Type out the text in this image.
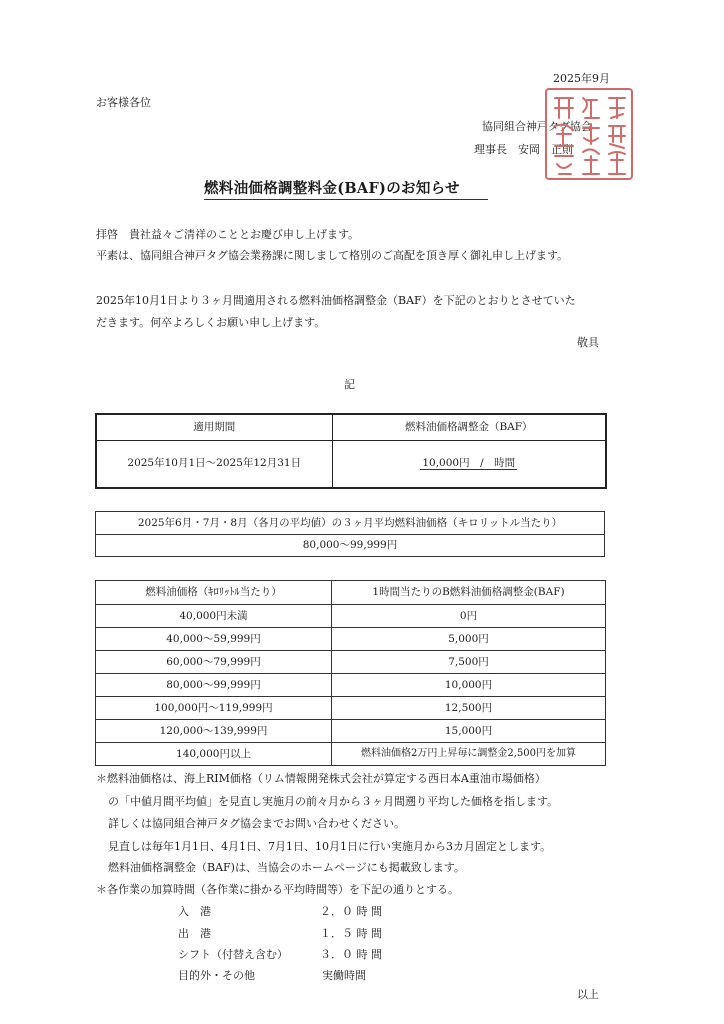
2025年9月
お客様各位
協同組合神戸タグ協会
理事長　安岡　正則
燃料油価格調整料金(BAF)のお知らせ
拝啓　貴社益々ご清祥のこととお慶び申し上げます。
平素は、協同組合神戸タグ協会業務課に関しまして格別のご高配を頂き厚く御礼申し上げます。
2025年10月1日より３ヶ月間適用される燃料油価格調整金（BAF）を下記のとおりとさせていた
だきます。何卒よろしくお願い申し上げます。
敬具
記
適用期間	燃料油価格調整金（BAF）
2025年10月1日～2025年12月31日	10,000円　/　時間
2025年6月・7月・8月（各月の平均値）の３ヶ月平均燃料油価格（キロリットル当たり）
80,000～99,999円
燃料油価格（ｷﾛﾘｯﾄﾙ当たり）	1時間当たりのB燃料油価格調整金(BAF)
40,000円未満	0円
40,000～59,999円	5,000円
60,000～79,999円	7,500円
80,000～99,999円	10,000円
100,000円～119,999円	12,500円
120,000～139,999円	15,000円
140,000円以上	燃料油価格2万円上昇毎に調整金2,500円を加算
＊燃料油価格は、海上RIM価格（リム情報開発株式会社が算定する西日本A重油市場価格）
の「中値月間平均値」を見直し実施月の前々月から３ヶ月間遡り平均した価格を指します。
詳しくは協同組合神戸タグ協会までお問い合わせください。
見直しは毎年1月1日、4月1日、7月1日、10月1日に行い実施月から3カ月固定とします。
燃料油価格調整金（BAF)は、当協会のホームページにも掲載致します。
＊各作業の加算時間（各作業に掛かる平均時間等）を下記の通りとする。
入　港	２．０ 時 間
出　港	１．５ 時 間
シフト（付替え含む）	３．０ 時 間
目的外・その他	実働時間
以上
